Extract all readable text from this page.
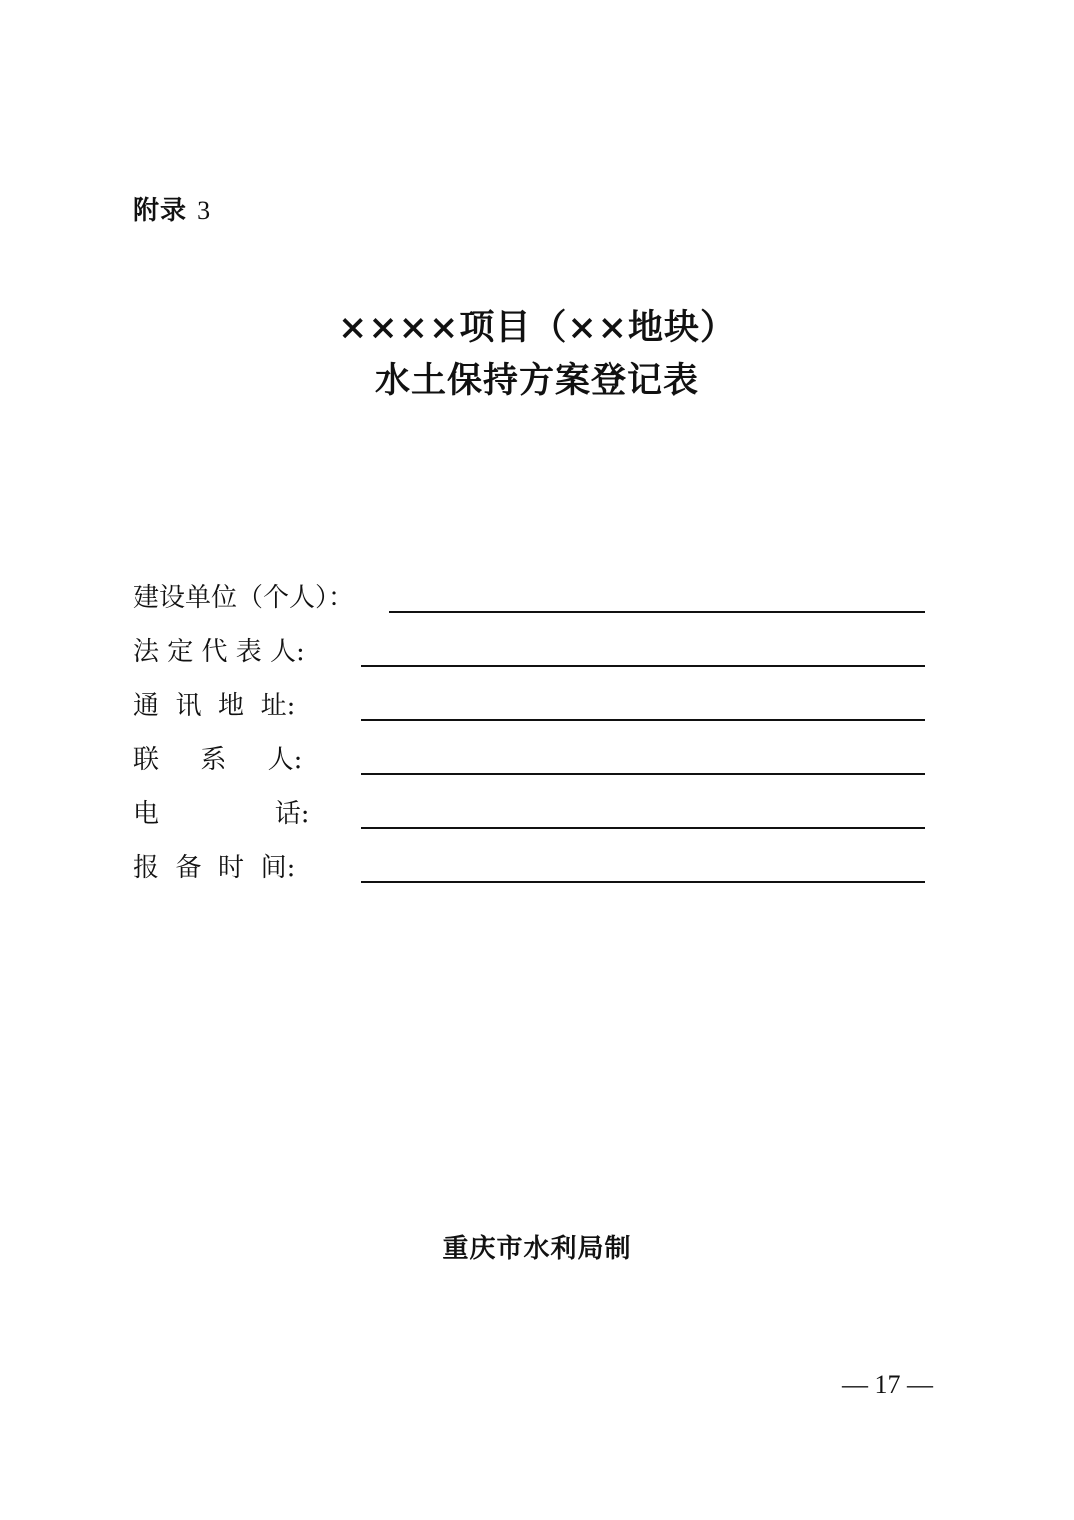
附录 3
××××项目（××地块）
水土保持方案登记表
建设单位（个人）：
法 定 代 表 人:
通  讯  地  址:
联     系     人:
电              话:
报  备  时  间:
重庆市水利局制
— 17 —
